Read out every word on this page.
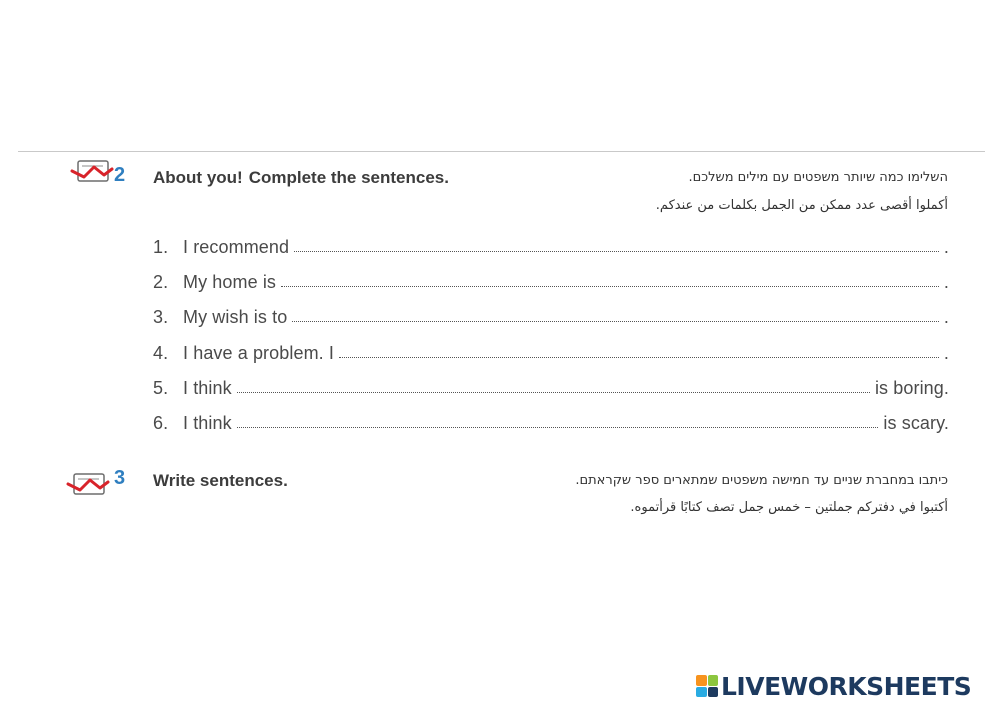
2 About you! Complete the sentences.	השלימו כמה שיותר משפטים עם מילים משלכם.
أكملوا أقصى عدد ممكن من الجمل بكلمات من عندكم.
1. I recommend	.
2. My home is	.
3. My wish is to	.
4. I have a problem. I	.
5. I think	is boring.
6. I think	is scary.
3 Write sentences.	כיתבו במחברת שניים עד חמישה משפטים שמתארים ספר שקראתם.
أكتبوا في دفتركم جملتين – خمس جمل تصف كتابًا قرأتموه.
LIVEWORKSHEETS
